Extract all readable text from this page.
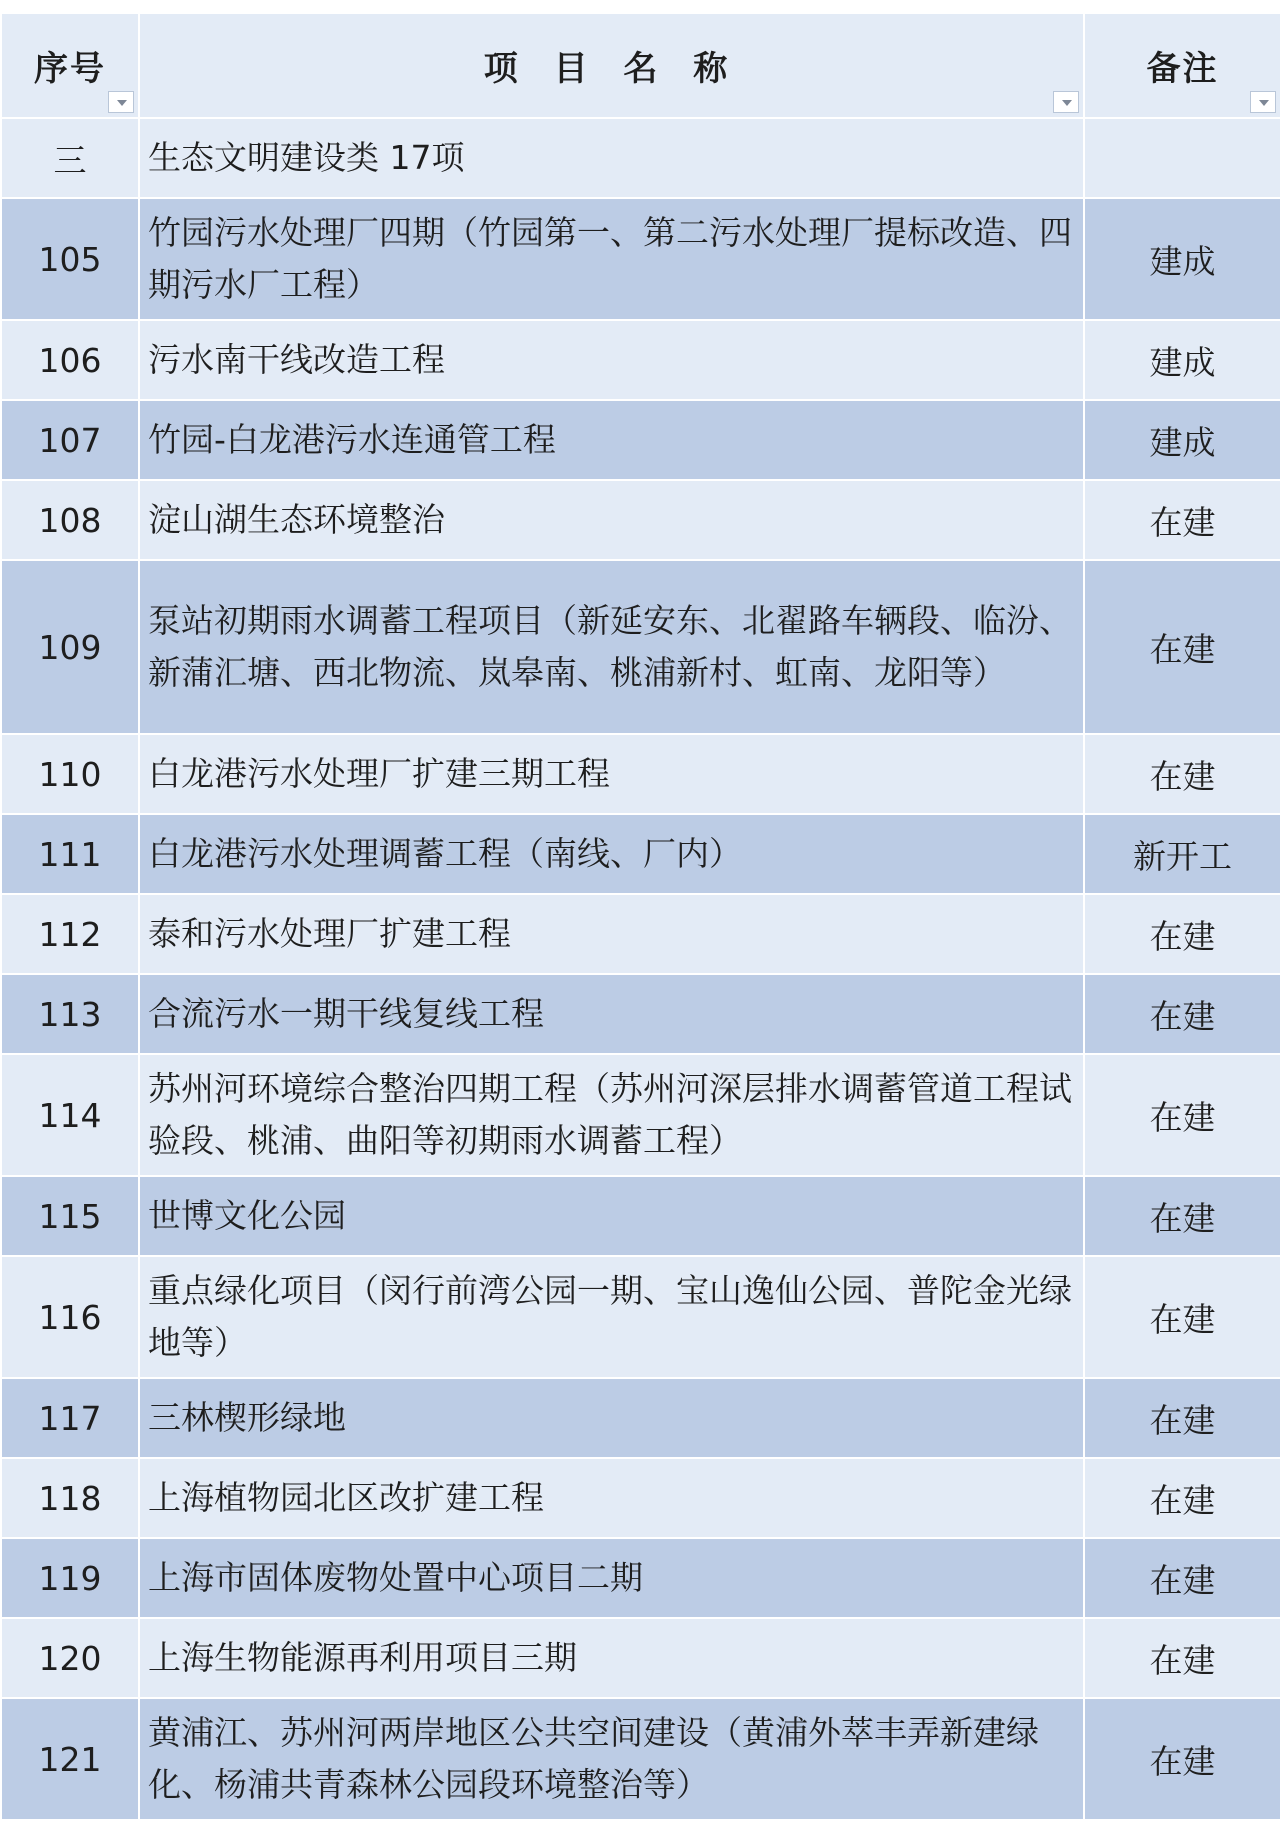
序号	项 目 名 称	备注

三	生态文明建设类 17项	
105	竹园污水处理厂四期（竹园第一、第二污水处理厂提标改造、四期污水厂工程）	建成
106	污水南干线改造工程	建成
107	竹园-白龙港污水连通管工程	建成
108	淀山湖生态环境整治	在建
109	泵站初期雨水调蓄工程项目（新延安东、北翟路车辆段、临汾、新蒲汇塘、西北物流、岚皋南、桃浦新村、虹南、龙阳等）	在建
110	白龙港污水处理厂扩建三期工程	在建
111	白龙港污水处理调蓄工程（南线、厂内）	新开工
112	泰和污水处理厂扩建工程	在建
113	合流污水一期干线复线工程	在建
114	苏州河环境综合整治四期工程（苏州河深层排水调蓄管道工程试验段、桃浦、曲阳等初期雨水调蓄工程）	在建
115	世博文化公园	在建
116	重点绿化项目（闵行前湾公园一期、宝山逸仙公园、普陀金光绿地等）	在建
117	三林楔形绿地	在建
118	上海植物园北区改扩建工程	在建
119	上海市固体废物处置中心项目二期	在建
120	上海生物能源再利用项目三期	在建
121	黄浦江、苏州河两岸地区公共空间建设（黄浦外萃丰弄新建绿化、杨浦共青森林公园段环境整治等）	在建
